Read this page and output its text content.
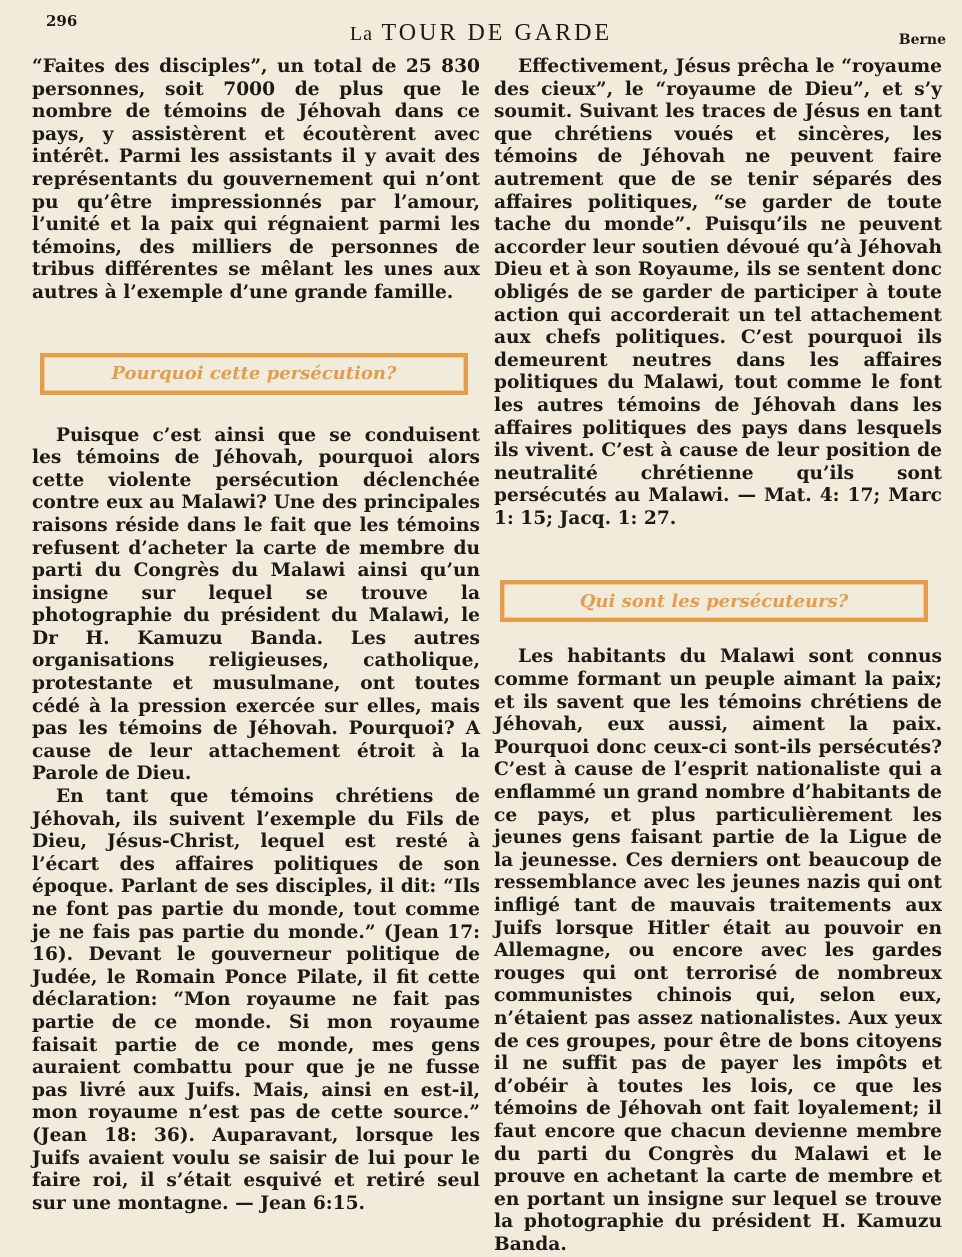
296
La TOUR DE GARDE	Berne

“Faites des disciples”, un total de 25 830 personnes, soit 7000 de plus que le nombre de témoins de Jéhovah dans ce pays, y assistèrent et écoutèrent avec intérêt. Parmi les assistants il y avait des représentants du gouvernement qui n’ont pu qu’être impressionnés par l’amour, l’unité et la paix qui régnaient parmi les témoins, des milliers de personnes de tribus différentes se mêlant les unes aux autres à l’exemple d’une grande famille.

Pourquoi cette persécution?

Puisque c’est ainsi que se conduisent les témoins de Jéhovah, pourquoi alors cette violente persécution déclenchée contre eux au Malawi? Une des principales raisons réside dans le fait que les témoins refusent d’acheter la carte de membre du parti du Congrès du Malawi ainsi qu’un insigne sur lequel se trouve la photographie du président du Malawi, le Dr H. Kamuzu Banda. Les autres organisations religieuses, catholique, protestante et musulmane, ont toutes cédé à la pression exercée sur elles, mais pas les témoins de Jéhovah. Pourquoi? A cause de leur attachement étroit à la Parole de Dieu.

En tant que témoins chrétiens de Jéhovah, ils suivent l’exemple du Fils de Dieu, Jésus-Christ, lequel est resté à l’écart des affaires politiques de son époque. Parlant de ses disciples, il dit: “Ils ne font pas partie du monde, tout comme je ne fais pas partie du monde.” (Jean 17: 16). Devant le gouverneur politique de Judée, le Romain Ponce Pilate, il fit cette déclaration: “Mon royaume ne fait pas partie de ce monde. Si mon royaume faisait partie de ce monde, mes gens auraient combattu pour que je ne fusse pas livré aux Juifs. Mais, ainsi en est-il, mon royaume n’est pas de cette source.” (Jean 18: 36). Auparavant, lorsque les Juifs avaient voulu se saisir de lui pour le faire roi, il s’était esquivé et retiré seul sur une montagne. — Jean 6:15.

Effectivement, Jésus prêcha le “royaume des cieux”, le “royaume de Dieu”, et s’y soumit. Suivant les traces de Jésus en tant que chrétiens voués et sincères, les témoins de Jéhovah ne peuvent faire autrement que de se tenir séparés des affaires politiques, “se garder de toute tache du monde”. Puisqu’ils ne peuvent accorder leur soutien dévoué qu’à Jéhovah Dieu et à son Royaume, ils se sentent donc obligés de se garder de participer à toute action qui accorderait un tel attachement aux chefs politiques. C’est pourquoi ils demeurent neutres dans les affaires politiques du Malawi, tout comme le font les autres témoins de Jéhovah dans les affaires politiques des pays dans lesquels ils vivent. C’est à cause de leur position de neutralité chrétienne qu’ils sont persécutés au Malawi. — Mat. 4: 17; Marc 1: 15; Jacq. 1: 27.

Qui sont les persécuteurs?

Les habitants du Malawi sont connus comme formant un peuple aimant la paix; et ils savent que les témoins chrétiens de Jéhovah, eux aussi, aiment la paix. Pourquoi donc ceux-ci sont-ils persécutés? C’est à cause de l’esprit nationaliste qui a enflammé un grand nombre d’habitants de ce pays, et plus particulièrement les jeunes gens faisant partie de la Ligue de la jeunesse. Ces derniers ont beaucoup de ressemblance avec les jeunes nazis qui ont infligé tant de mauvais traitements aux Juifs lorsque Hitler était au pouvoir en Allemagne, ou encore avec les gardes rouges qui ont terrorisé de nombreux communistes chinois qui, selon eux, n’étaient pas assez nationalistes. Aux yeux de ces groupes, pour être de bons citoyens il ne suffit pas de payer les impôts et d’obéir à toutes les lois, ce que les témoins de Jéhovah ont fait loyalement; il faut encore que chacun devienne membre du parti du Congrès du Malawi et le prouve en achetant la carte de membre et en portant un insigne sur lequel se trouve la photographie du président H. Kamuzu Banda.
